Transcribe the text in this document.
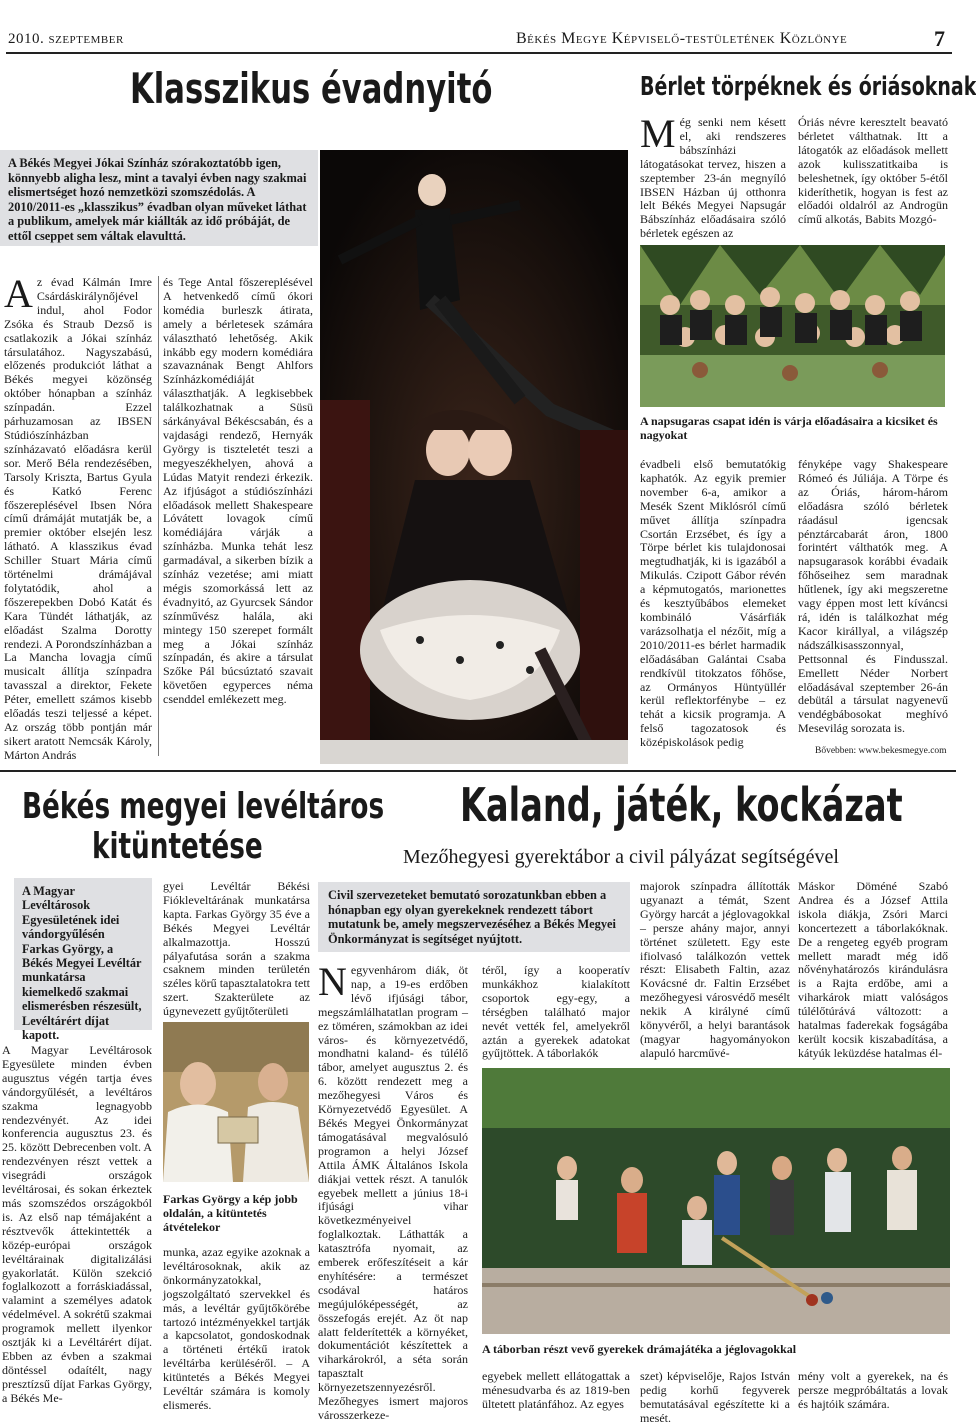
2010. szeptember	Békés Megye Képviselő-testületének Közlönye	7
Klasszikus évadnyitó
A Békés Megyei Jókai Színház szórakoztatóbb igen, könnyebb aligha lesz, mint a tavalyi évben nagy szakmai elismertséget hozó nemzetközi szomszédolás. A 2010/2011-es „klasszikus” évadban olyan műveket láthat a publikum, amelyek már kiállták az idő próbáját, de ettől cseppet sem váltak elavulttá.
Az évad Kálmán Imre Csárdáskirálynőjével indul, ahol Fodor Zsóka és Straub Dezső is csatlakozik a Jókai színház társulatához. Nagyszabású, előzenés produkciót láthat a Békés megyei közönség október hónapban a színház színpadán. Ezzel párhuzamosan az IBSEN Stúdiószínházban színházavató előadásra kerül sor. Merő Béla rendezésében, Tarsoly Kriszta, Bartus Gyula és Katkó Ferenc főszereplésével Ibsen Nóra című drámáját mutatják be, a premier október elsején lesz látható. A klasszikus évad Schiller Stuart Mária című történelmi drámájával folytatódik, ahol a főszerepekben Dobó Katát és Kara Tündét láthatják, az előadást Szalma Dorotty rendezi. A Porondszínházban a La Mancha lovagja című musicalt állítja színpadra tavasszal a direktor, Fekete Péter, emellett számos kisebb előadás teszi teljessé a képet. Az ország több pontján már sikert aratott Nemcsák Károly, Márton András
és Tege Antal főszereplésével A hetvenkedő című ókori komédia burleszk átirata, amely a bérletesek számára választható lehetőség. Akik inkább egy modern komédiára szavaznának Bengt Ahlfors Színházkomédiáját választhatják. A legkisebbek találkozhatnak a Süsü sárkányával Békéscsabán, és a vajdasági rendező, Hernyák György is tiszteletét teszi a megyeszékhelyen, ahová a Lúdas Matyit rendezi érkezik. Az ifjúságot a stúdiószínházi előadások mellett Shakespeare Lóvátett lovagok című komédiájára várják a színházba. Munka tehát lesz garmadával, a sikerben bízik a színház vezetése; ami miatt mégis szomorkássá lett az évadnyitó, az Gyurcsek Sándor színművész halála, aki mintegy 150 szerepet formált meg a Jókai színház színpadán, és akire a társulat Szőke Pál búcsúztató szavait követően egyperces néma csenddel emlékezett meg.
Bérlet törpéknek és óriásoknak
Még senki nem késett el, aki rendszeres bábszínházi látogatásokat tervez, hiszen a szeptember 23-án megnyíló IBSEN Házban új otthonra lelt Békés Megyei Napsugár Bábszínház előadásaira szóló bérletek egészen az
Óriás névre keresztelt beavató bérletet válthatnak. Itt a látogatók az előadások mellett azok kulisszatitkaiba is beleshetnek, így október 5-étől kideríthetik, hogyan is fest az előadói oldalról az Androgün című alkotás, Babits Mozgó-
A napsugaras csapat idén is várja előadásaira a kicsiket és nagyokat
évadbeli első bemutatókig kaphatók. Az egyik premier november 6-a, amikor a Mesék Szent Miklósról című művet állítja színpadra Csortán Erzsébet, és így a Törpe bérlet kis tulajdonosai megtudhatják, ki is igazából a Mikulás. Czipott Gábor révén a képmutogatós, marionettes és kesztyűbábos elemeket kombináló Vásárfiák varázsolhatja el nézőit, míg a 2010/2011-es bérlet harmadik előadásában Galántai Csaba rendkívül titokzatos főhőse, az Ormányos Hüntyüllér kerül reflektorfénybe – ez tehát a kicsik programja. A felső tagozatosok és középiskolások pedig
fényképe vagy Shakespeare Rómeó és Júliája. A Törpe és az Óriás, három-három előadásra szóló bérletek ráadásul igencsak pénztárcabarát áron, 1800 forintért válthatók meg. A napsugarasok korábbi évadaik főhőseihez sem maradnak hűtlenek, így aki megszeretne vagy éppen most lett kíváncsi rá, idén is találkozhat még Kacor királlyal, a világszép nádszálkisasszonnyal, Pettsonnal és Findusszal. Emellett Néder Norbert előadásával szeptember 26-án debütál a társulat nagyenevű vendégbábosokat meghívó Mesevilág sorozata is.
Bővebben: www.bekesmegye.com
Békés megyei levéltáros
kitüntetése
A Magyar Levéltárosok Egyesületének idei vándorgyűlésén Farkas György, a Békés Megyei Levéltár munkatársa kiemelkedő szakmai elismerésben részesült, Levéltárért díjat kapott.
A Magyar Levéltárosok Egyesülete minden évben augusztus végén tartja éves vándorgyűlését, a levéltáros szakma legnagyobb rendezvényét. Az idei konferencia augusztus 23. és 25. között Debrecenben volt. A rendezvényen részt vettek a visegrádi országok levéltárosai, és sokan érkeztek más szomszédos országokból is. Az első nap témájaként a résztvevők áttekintették a közép-európai országok levéltárainak digitalizálási gyakorlatát. Külön szekció foglalkozott a forráskiadással, valamint a személyes adatok védelmével. A sokrétű szakmai programok mellett ilyenkor osztják ki a Levéltárért díjat. Ebben az évben a szakmai döntéssel odaítélt, nagy presztízsű díjat Farkas György, a Békés Me-
gyei Levéltár Békési Fiókleveltárának munkatársa kapta. Farkas György 35 éve a Békés Megyei Levéltár alkalmazottja. Hosszú pályafutása során a szakma csaknem minden területén széles körű tapasztalatokra tett szert. Szakterülete az úgynevezett gyűjtőterületi
Farkas György a kép jobb oldalán, a kitüntetés átvételekor
munka, azaz egyike azoknak a levéltárosoknak, akik az önkormányzatokkal, jogszolgáltató szervekkel és más, a levéltár gyűjtőkörébe tartozó intézményekkel tartják a kapcsolatot, gondoskodnak a történeti értékű iratok levéltárba kerüléséről. – A kitüntetés a Békés Megyei Levéltár számára is komoly elismerés.
Kaland, játék, kockázat
Mezőhegyesi gyerektábor a civil pályázat segítségével
Civil szervezeteket bemutató sorozatunkban ebben a hónapban egy olyan gyerekeknek rendezett tábort mutatunk be, amely megszervezéséhez a Békés Megyei Önkormányzat is segítséget nyújtott.
Negyvenhárom diák, öt nap, a 19-es erdőben lévő ifjúsági tábor, megszámlálhatatlan program – ez töméren, számokban az idei város- és környezetvédő, mondhatni kaland- és túlélő tábor, amelyet augusztus 2. és 6. között rendezett meg a mezőhegyesi Város és Környezetvédő Egyesület. A Békés Megyei Önkormányzat támogatásával megvalósuló programon a helyi József Attila ÁMK Általános Iskola diákjai vettek részt. A tanulók egyebek mellett a június 18-i ifjúsági vihar következményeivel foglalkoztak. Láthatták a katasztrófa nyomait, az emberek erőfeszítéseit a kár enyhítésére: a természet csodával határos megújulóképességét, az összefogás erejét. Az öt nap alatt felderítették a környéket, dokumentációt készítettek a viharkárokról, a séta során tapasztalt környezetszennyezésről. Mezőhegyes ismert majoros városszerkeze-
téről, így a kooperatív munkákhoz kialakított csoportok egy-egy, a térségben található major nevét vették fel, amelyekről aztán a gyerekek adatokat gyűjtöttek. A táborlakók
majorok színpadra állították ugyanazt a témát, Szent György harcát a jéglovagokkal – persze ahány major, annyi történet született. Egy este ifiolvasó találkozón vettek részt: Elisabeth Faltin, azaz Kovácsné dr. Faltin Erzsébet mezőhegyesi városvédő mesélt nekik A királyné című könyvéről, a helyi barantások (magyar hagyományokon alapuló harcművé-
Máskor Döméné Szabó Andrea és a József Attila iskola diákja, Zsóri Marci koncertezett a táborlakóknak. De a rengeteg egyéb program mellett maradt még idő nővényhatározós kirándulásra is a Rajta erdőbe, ami a viharkárok miatt valóságos túlélőtúrává változott: a hatalmas faderekak fogságába került kocsik kiszabadítása, a kátyúk leküzdése hatalmas él-
A táborban részt vevő gyerekek drámajátéka a jéglovagokkal
egyebek mellett ellátogattak a ménesudvarba és az 1819-ben ültetett platánfához. Az egyes
szet) képviselője, Rajos István pedig korhű fegyverek bemutatásával egészítette ki a mesét.
mény volt a gyerekek, na és persze megpróbáltatás a lovak és hajtóik számára.
